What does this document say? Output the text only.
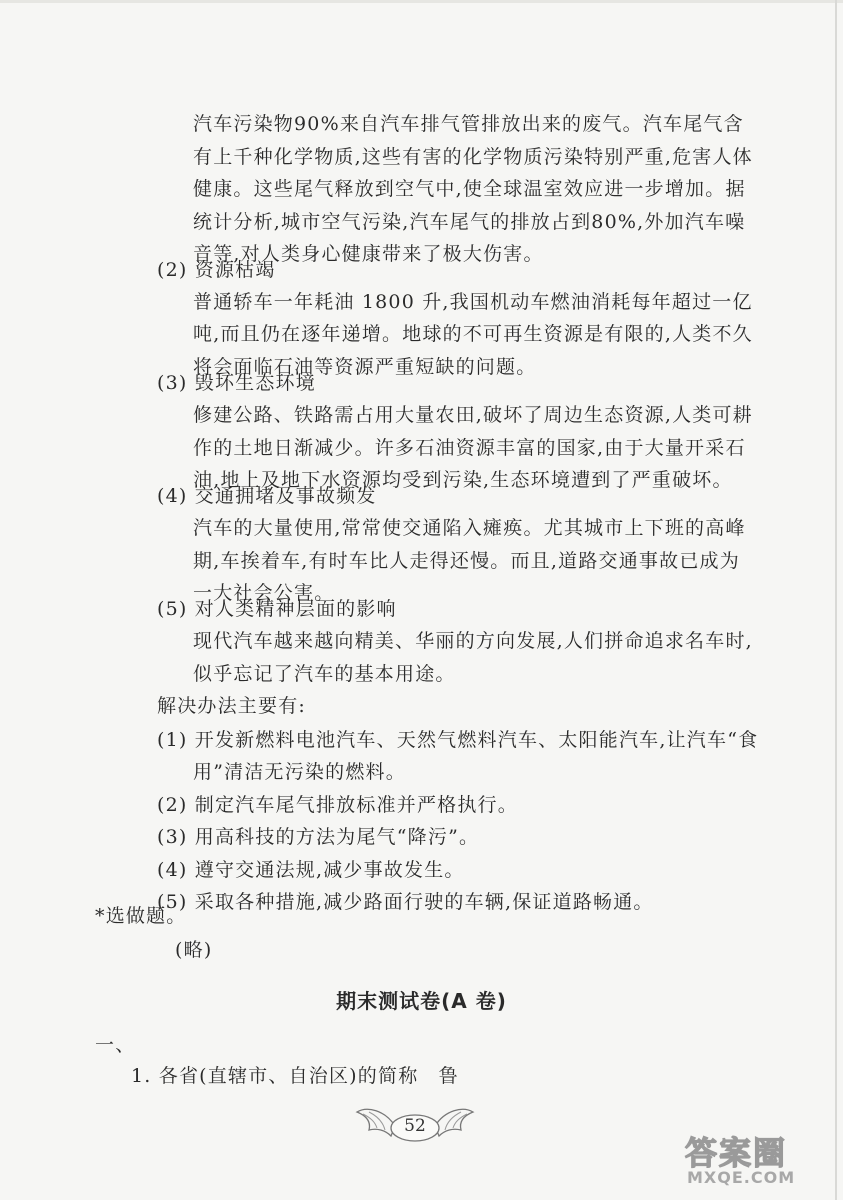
汽车污染物90%来自汽车排气管排放出来的废气。汽车尾气含
有上千种化学物质,这些有害的化学物质污染特别严重,危害人体
健康。这些尾气释放到空气中,使全球温室效应进一步增加。据
统计分析,城市空气污染,汽车尾气的排放占到80%,外加汽车噪
音等,对人类身心健康带来了极大伤害。
(2) 资源枯竭
普通轿车一年耗油 1800 升,我国机动车燃油消耗每年超过一亿
吨,而且仍在逐年递增。地球的不可再生资源是有限的,人类不久
将会面临石油等资源严重短缺的问题。
(3) 毁坏生态环境
修建公路、铁路需占用大量农田,破坏了周边生态资源,人类可耕
作的土地日渐减少。许多石油资源丰富的国家,由于大量开采石
油,地上及地下水资源均受到污染,生态环境遭到了严重破坏。
(4) 交通拥堵及事故频发
汽车的大量使用,常常使交通陷入瘫痪。尤其城市上下班的高峰
期,车挨着车,有时车比人走得还慢。而且,道路交通事故已成为
一大社会公害。
(5) 对人类精神层面的影响
现代汽车越来越向精美、华丽的方向发展,人们拼命追求名车时,
似乎忘记了汽车的基本用途。
解决办法主要有:
(1) 开发新燃料电池汽车、天然气燃料汽车、太阳能汽车,让汽车“食
用”清洁无污染的燃料。
(2) 制定汽车尾气排放标准并严格执行。
(3) 用高科技的方法为尾气“降污”。
(4) 遵守交通法规,减少事故发生。
(5) 采取各种措施,减少路面行驶的车辆,保证道路畅通。
*选做题。
(略)
期末测试卷(A 卷)
一、
1. 各省(直辖市、自治区)的简称　鲁
52
答案圈
MXQE.COM
